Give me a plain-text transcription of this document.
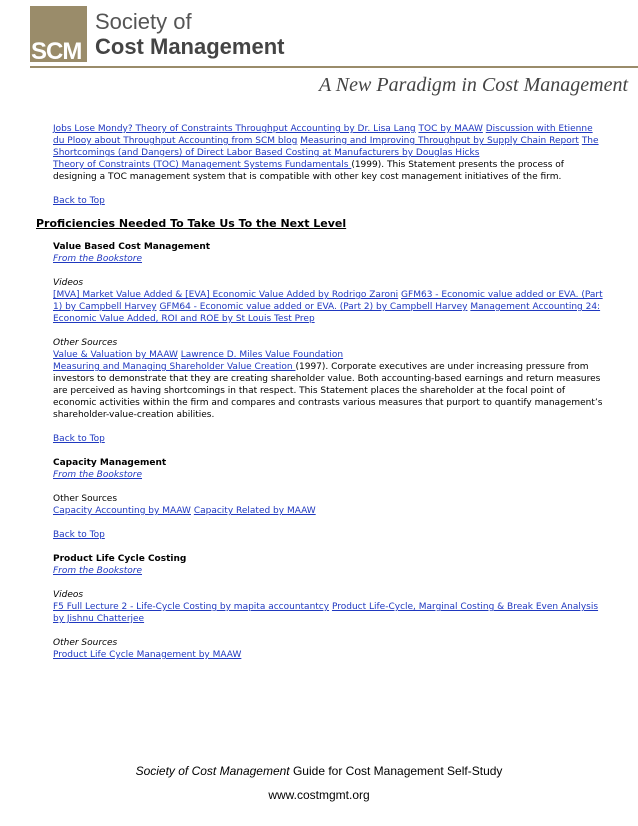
SCM
Society of
Cost Management
A New Paradigm in Cost Management
Jobs Lose Mondy? Theory of Constraints Throughput Accounting by Dr. Lisa Lang TOC by MAAW Discussion with Etienne du Plooy about Throughput Accounting from SCM blog Measuring and Improving Throughput by Supply Chain Report The Shortcomings (and Dangers) of Direct Labor Based Costing at Manufacturers by Douglas Hicks
Theory of Constraints (TOC) Management Systems Fundamentals (1999). This Statement presents the process of designing a TOC management system that is compatible with other key cost management initiatives of the firm.
Back to Top
Proficiencies Needed To Take Us To the Next Level
Value Based Cost Management
From the Bookstore
Videos
[MVA] Market Value Added & [EVA] Economic Value Added by Rodrigo Zaroni GFM63 - Economic value added or EVA. (Part 1) by Campbell Harvey GFM64 - Economic value added or EVA. (Part 2) by Campbell Harvey Management Accounting 24: Economic Value Added, ROI and ROE by St Louis Test Prep
Other Sources
Value & Valuation by MAAW Lawrence D. Miles Value Foundation
Measuring and Managing Shareholder Value Creation (1997). Corporate executives are under increasing pressure from investors to demonstrate that they are creating shareholder value. Both accounting-based earnings and return measures are perceived as having shortcomings in that respect. This Statement places the shareholder at the focal point of economic activities within the firm and compares and contrasts various measures that purport to quantify management’s shareholder-value-creation abilities.
Back to Top
Capacity Management
From the Bookstore
Other Sources
Capacity Accounting by MAAW Capacity Related by MAAW
Back to Top
Product Life Cycle Costing
From the Bookstore
Videos
F5 Full Lecture 2 - Life-Cycle Costing by mapita accountantcy Product Life-Cycle, Marginal Costing & Break Even Analysis by Jishnu Chatterjee
Other Sources
Product Life Cycle Management by MAAW
Society of Cost Management Guide for Cost Management Self-Study
www.costmgmt.org
